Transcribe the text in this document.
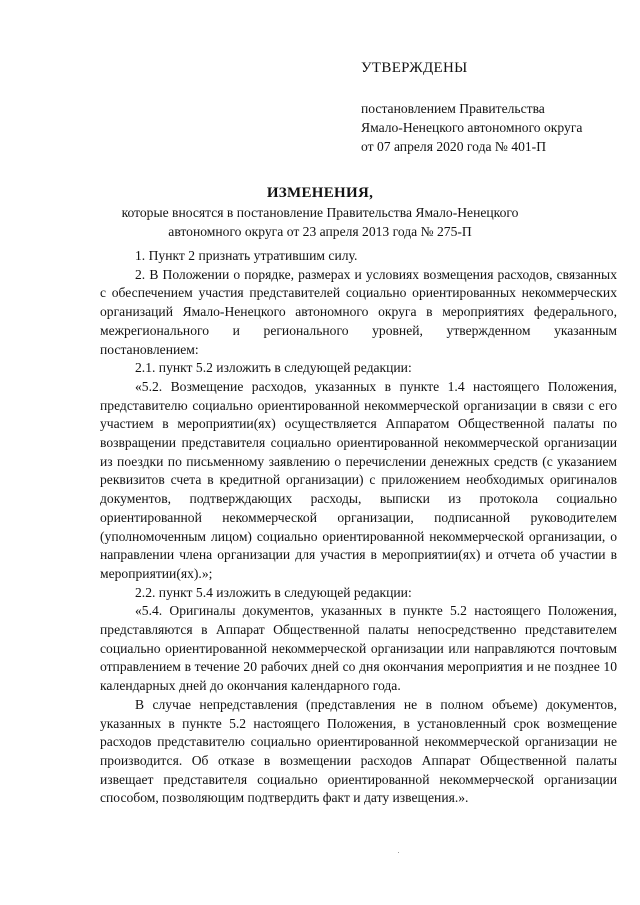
УТВЕРЖДЕНЫ
постановлением Правительства
Ямало-Ненецкого автономного округа
от 07 апреля 2020 года № 401-П
ИЗМЕНЕНИЯ,
которые вносятся в постановление Правительства Ямало-Ненецкого
автономного округа от 23 апреля 2013 года № 275-П

1. Пункт 2 признать утратившим силу.

2. В Положении о порядке, размерах и условиях возмещения расходов, связанных с обеспечением участия представителей социально ориентированных некоммерческих организаций Ямало-Ненецкого автономного округа в мероприятиях федерального, межрегионального и регионального уровней, утвержденном указанным постановлением:

2.1. пункт 5.2 изложить в следующей редакции:

«5.2. Возмещение расходов, указанных в пункте 1.4 настоящего Положения, представителю социально ориентированной некоммерческой организации в связи с его участием в мероприятии(ях) осуществляется Аппаратом Общественной палаты по возвращении представителя социально ориентированной некоммерческой организации из поездки по письменному заявлению о перечислении денежных средств (с указанием реквизитов счета в кредитной организации) с приложением необходимых оригиналов документов, подтверждающих расходы, выписки из протокола социально ориентированной некоммерческой организации, подписанной руководителем (уполномоченным лицом) социально ориентированной некоммерческой организации, о направлении члена организации для участия в мероприятии(ях) и отчета об участии в мероприятии(ях).»;

2.2. пункт 5.4 изложить в следующей редакции:

«5.4. Оригиналы документов, указанных в пункте 5.2 настоящего Положения, представляются в Аппарат Общественной палаты непосредственно представителем социально ориентированной некоммерческой организации или направляются почтовым отправлением в течение 20 рабочих дней со дня окончания мероприятия и не позднее 10 календарных дней до окончания календарного года.

В случае непредставления (представления не в полном объеме) документов, указанных в пункте 5.2 настоящего Положения, в установленный срок возмещение расходов представителю социально ориентированной некоммерческой организации не производится. Об отказе в возмещении расходов Аппарат Общественной палаты извещает представителя социально ориентированной некоммерческой организации способом, позволяющим подтвердить факт и дату извещения.».
